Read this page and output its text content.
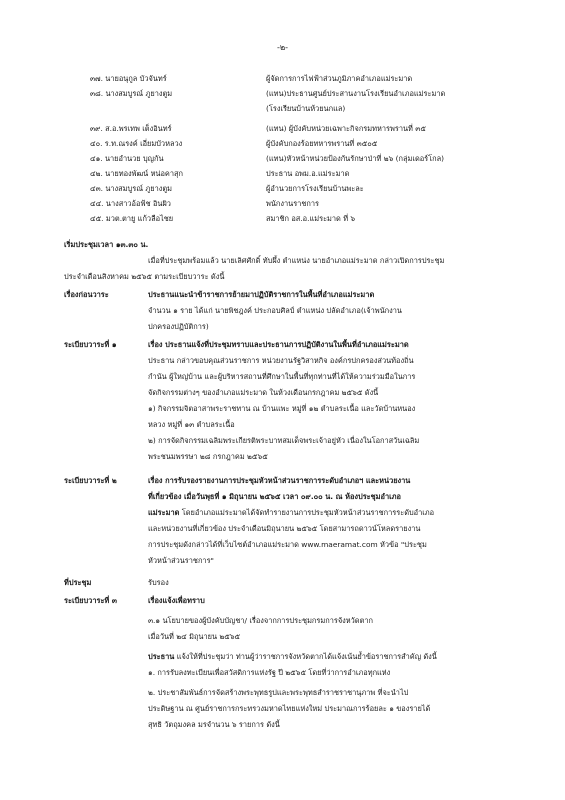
-๒-
๓๗. นายอนุกูล บัวจันทร์	ผู้จัดการการไฟฟ้าส่วนภูมิภาคอำเภอแม่ระมาด
๓๘. นางสมบูรณ์ ภูยางตูม	(แทน)ประธานศูนย์ประสานงานโรงเรียนอำเภอแม่ระมาด
(โรงเรียนบ้านห้วยนกแล)
๓๙. ส.อ.พรเทพ เต็งอินทร์	(แทน) ผู้บังคับหน่วยเฉพาะกิจกรมทหารพรานที่ ๓๕
๔๐. ร.ท.ณรงค์ เอี่ยมบัวหลวง	ผู้บังคับกองร้อยทหารพรานที่ ๓๕๐๕
๔๑. นายอำนวย บุญกัน	(แทน)หัวหน้าหน่วยป้องกันรักษาป่าที่ ๒๖ (กลุ่มเดอร์โกล)
๔๒. นายทองพัฒน์ หน่อคาสุก	ประธาน อพม.อ.แม่ระมาด
๔๓. นางสมบูรณ์ ภูยางตูม	ผู้อำนวยการโรงเรียนบ้านพะละ
๔๔. นางสาวอ้อฟ้ช อินผิว	พนักงานราชการ
๔๕. มวต.ตายู แก้วลือไชย	สมาชิก อส.อ.แม่ระมาด ที่ ๖
เริ่มประชุมเวลา ๑๓.๓๐ น.
เมื่อที่ประชุมพร้อมแล้ว นายเลิศศักดิ์ ทับผึ้ง ตำแหน่ง นายอำเภอแม่ระมาด กล่าวเปิดการประชุม
ประจำเดือนสิงหาคม ๒๕๖๕ ตามระเบียบวาระ ดังนี้
เรื่องก่อนวาระ	ประธานแนะนำข้าราชการย้ายมาปฏิบัติราชการในพื้นที่อำเภอแม่ระมาด
จำนวน ๑ ราย ได้แก่ นายพิชฎงค์ ประกอบศิลป์ ตำแหน่ง ปลัดอำเภอ(เจ้าพนักงาน
ปกครองปฏิบัติการ)
ระเบียบวาระที่ ๑	เรื่อง ประธานแจ้งที่ประชุมทราบและประธานการปฏิบัติงานในพื้นที่อำเภอแม่ระมาด
ประธาน กล่าวขอบคุณส่วนราชการ หน่วยงานรัฐวิสาหกิจ องค์กรปกครองส่วนท้องถิ่น
กำนัน ผู้ใหญ่บ้าน และผู้บริหารสถานที่ศึกษาในพื้นที่ทุกท่านที่ได้ให้ความร่วมมือในการ
จัดกิจกรรมต่างๆ ของอำเภอแม่ระมาด ในห้วงเดือนกรกฎาคม ๒๕๖๕ ดังนี้
๑) กิจกรรมจิตอาสาพระราชทาน ณ บ้านแพะ หมู่ที่ ๑๒ ตำบลระเนื้อ และวัดบ้านหนอง
หลวง หมู่ที่ ๑๓ ตำบลระเนื้อ
๒) การจัดกิจกรรมเฉลิมพระเกียรติพระบาทสมเด็จพระเจ้าอยู่หัว เนื่องในโอกาสวันเฉลิม
พระชนมพรรษา ๒๘ กรกฎาคม ๒๕๖๕
ระเบียบวาระที่ ๒	เรื่อง การรับรองรายงานการประชุมหัวหน้าส่วนราชการระดับอำเภอฯ และหน่วยงาน
ที่เกี่ยวข้อง เมื่อวันพุธที่ ๑ มิถุนายน ๒๕๖๕ เวลา ๐๙.๐๐ น. ณ ห้องประชุมอำเภอ
แม่ระมาด โดยอำเภอแม่ระมาดได้จัดทำรายงานการประชุมหัวหน้าส่วนราชการระดับอำเภอ
และหน่วยงานที่เกี่ยวข้อง ประจำเดือนมิถุนายน ๒๕๖๕ โดยสามารถดาวน์โหลดรายงาน
การประชุมดังกล่าวได้ที่เว็บไซต์อำเภอแม่ระมาด www.maeramat.com หัวข้อ "ประชุม
หัวหน้าส่วนราชการ"
ที่ประชุม	รับรอง
ระเบียบวาระที่ ๓	เรื่องแจ้งเพื่อทราบ
๓.๑ นโยบายของผู้บังคับบัญชา/ เรื่องจากการประชุมกรมการจังหวัดตาก
เมื่อวันที่ ๒๔ มิถุนายน ๒๕๖๕
ประธาน แจ้งให้ที่ประชุมว่า ท่านผู้ว่าราชการจังหวัดตากได้แจ้งเน้นย้ำข้อราชการสำคัญ ดังนี้
๑. การรับลงทะเบียนเพื่อสวัสดิการแห่งรัฐ ปี ๒๕๖๕ โดยที่ว่าการอำเภอทุกแห่ง
๒. ประชาสัมพันธ์การจัดสร้างพระพุทธรูปและพระพุทธสำราชราชานุภาพ ที่จะนำไป
ประดิษฐาน ณ ศูนย์ราชการกระทรวงมหาดไทยแห่งใหม่ ประมาณการร้อยละ ๑ ของรายได้
สุทธิ วัตถุมงคล มรจำนวน ๖ รายการ ดังนี้
